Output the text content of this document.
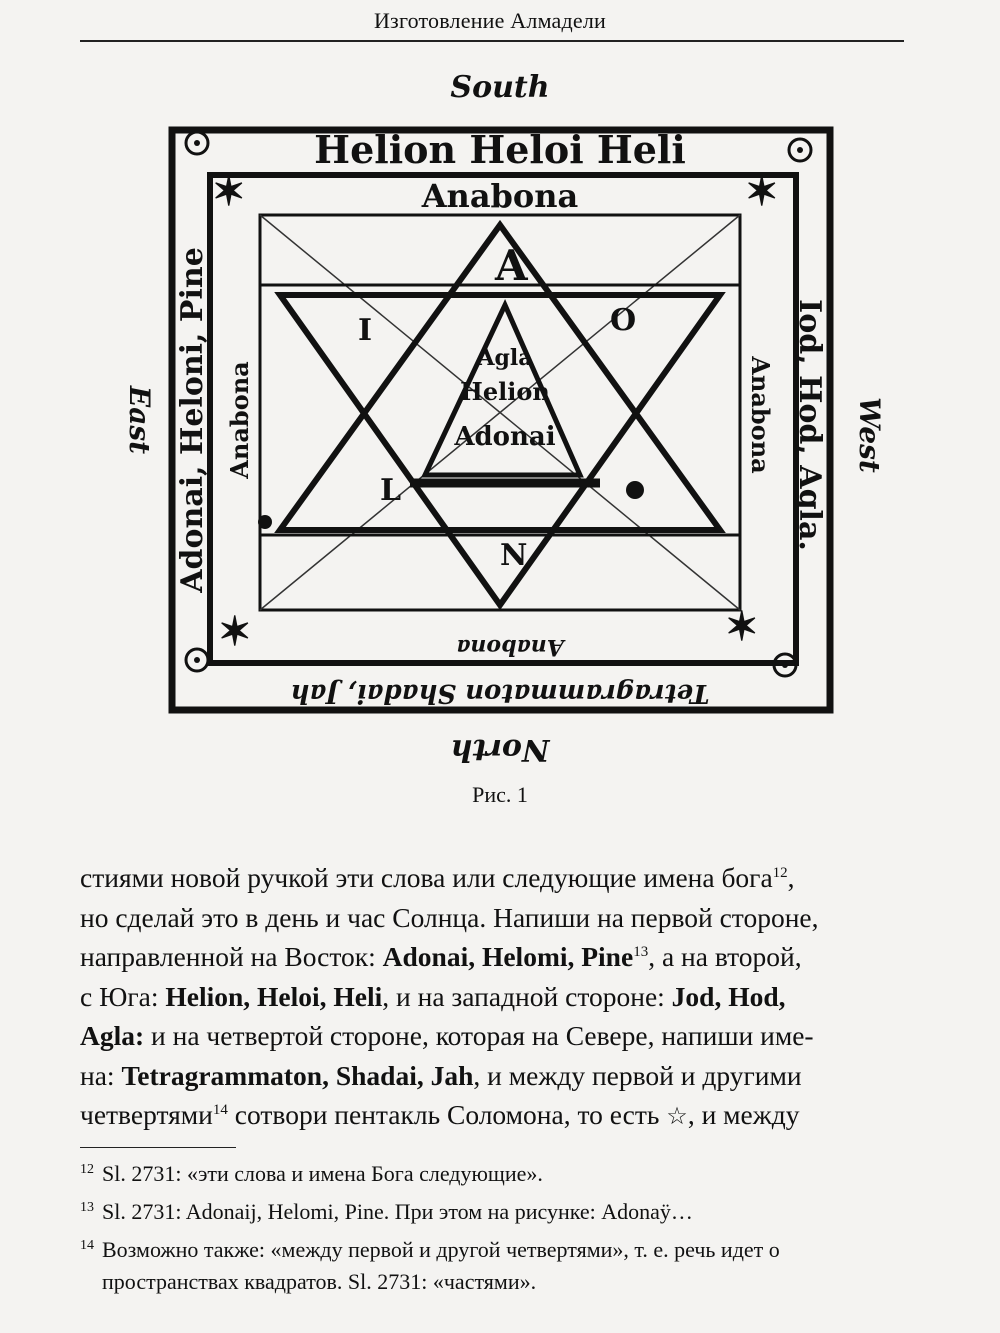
Изготовление Алмадели
✶	✶
✶	✶
South
North
East	West
Helion Heloi Heli
Anabona
Adonai, Heloni, Pine Anabona	Iod, Hod, Agla.
Anabona
Tetragrammaton Shadai, Jah
Anabona
Agla
Helion
Adonai
A
I	O
L
N
Рис. 1
стиями новой ручкой эти слова или следующие имена бога$^{12}$,
но сделай это в день и час Солнца. Напиши на первой стороне,
направленной на Восток: Adonai, Helomi, Pine$^{13}$, а на второй,
с Юга: Helion, Heloi, Heli, и на западной стороне: Jod, Hod,
Agla: и на четвертой стороне, которая на Севере, напиши име-
на: Tetragrammaton, Shadai, Jah, и между первой и другими
четвертями$^{14}$ сотвори пентакль Соломона, то есть ☆, и между
12 Sl. 2731: «эти слова и имена Бога следующие».
13 Sl. 2731: Adonaij, Helomi, Pine. При этом на рисунке: Adonaÿ…
14 Возможно также: «между первой и другой четвертями», т. е. речь идет о пространствах квадратов. Sl. 2731: «частями».
